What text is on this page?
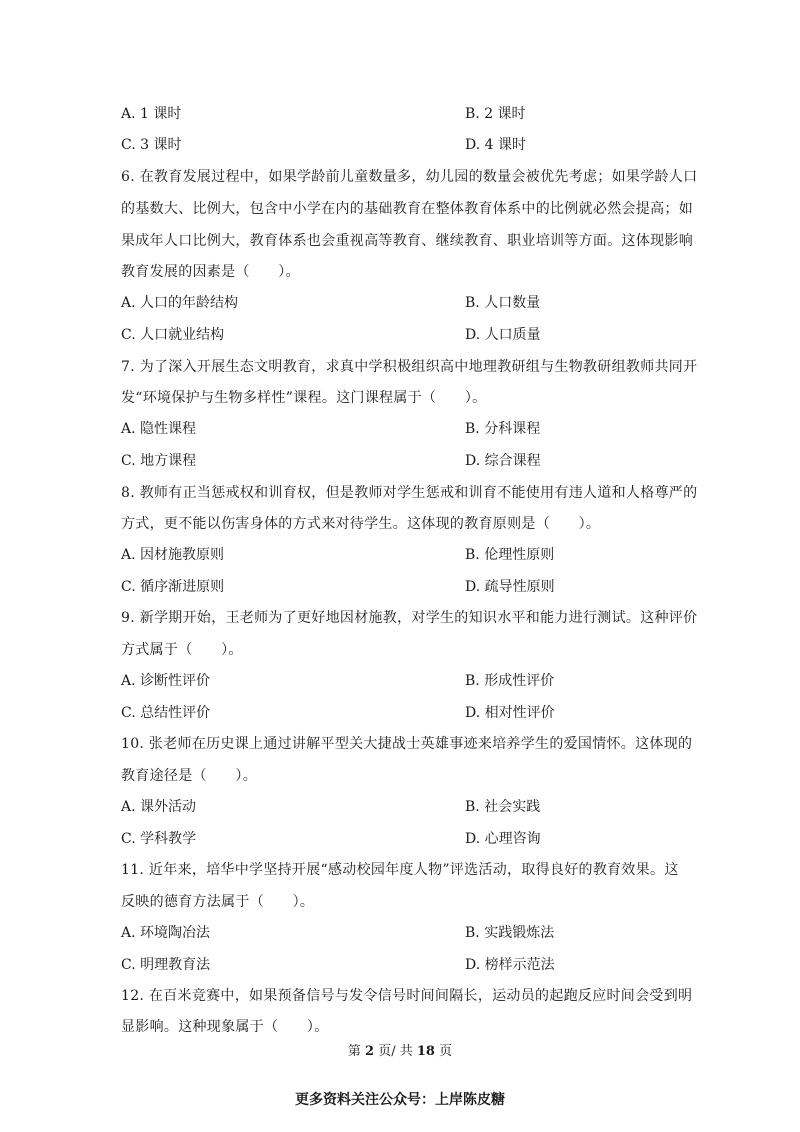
A. 1 课时	B. 2 课时
C. 3 课时	D. 4 课时
6. 在教育发展过程中，如果学龄前儿童数量多，幼儿园的数量会被优先考虑；如果学龄人口
的基数大、比例大，包含中小学在内的基础教育在整体教育体系中的比例就必然会提高；如
果成年人口比例大，教育体系也会重视高等教育、继续教育、职业培训等方面。这体现影响
教育发展的因素是（　　）。
A. 人口的年龄结构	B. 人口数量
C. 人口就业结构	D. 人口质量
7. 为了深入开展生态文明教育，求真中学积极组织高中地理教研组与生物教研组教师共同开
发“环境保护与生物多样性”课程。这门课程属于（　　）。
A. 隐性课程	B. 分科课程
C. 地方课程	D. 综合课程
8. 教师有正当惩戒权和训育权，但是教师对学生惩戒和训育不能使用有违人道和人格尊严的
方式，更不能以伤害身体的方式来对待学生。这体现的教育原则是（　　）。
A. 因材施教原则	B. 伦理性原则
C. 循序渐进原则	D. 疏导性原则
9. 新学期开始，王老师为了更好地因材施教，对学生的知识水平和能力进行测试。这种评价
方式属于（　　）。
A. 诊断性评价	B. 形成性评价
C. 总结性评价	D. 相对性评价
10. 张老师在历史课上通过讲解平型关大捷战士英雄事迹来培养学生的爱国情怀。这体现的
教育途径是（　　）。
A. 课外活动	B. 社会实践
C. 学科教学	D. 心理咨询
11. 近年来，培华中学坚持开展“感动校园年度人物”评选活动，取得良好的教育效果。这
反映的德育方法属于（　　）。
A. 环境陶冶法	B. 实践锻炼法
C. 明理教育法	D. 榜样示范法
12. 在百米竞赛中，如果预备信号与发令信号时间间隔长，运动员的起跑反应时间会受到明
显影响。这种现象属于（　　）。
第 2 页/ 共 18 页
更多资料关注公众号：上岸陈皮糖
